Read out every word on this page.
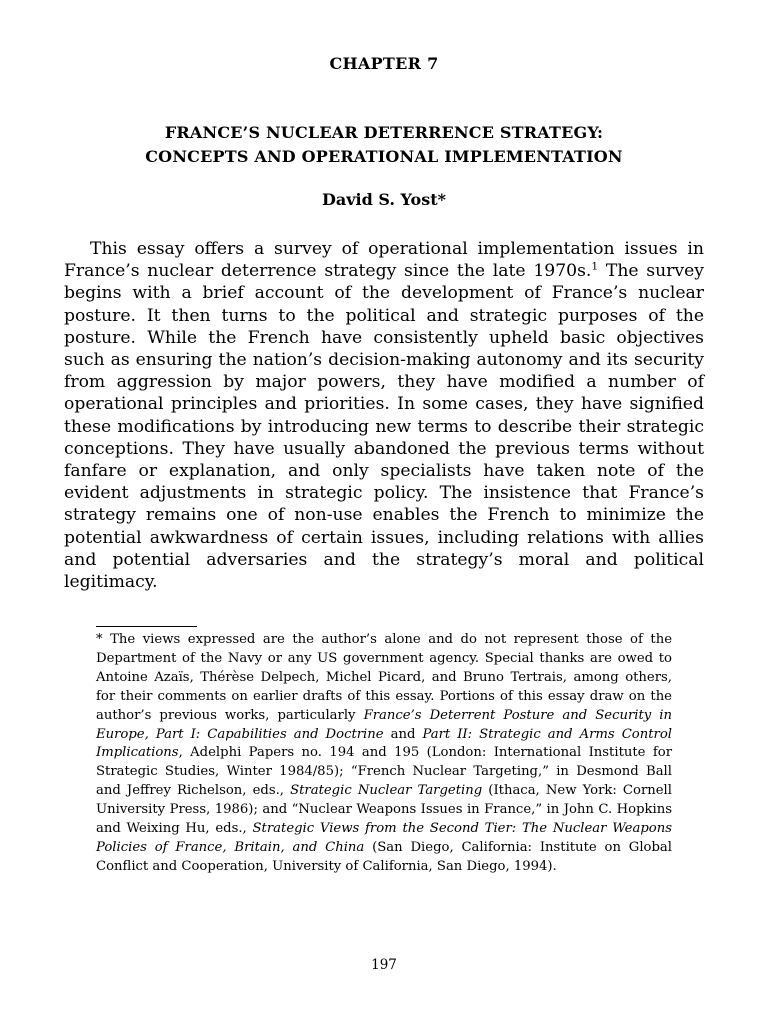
CHAPTER 7
FRANCE’S NUCLEAR DETERRENCE STRATEGY:
CONCEPTS AND OPERATIONAL IMPLEMENTATION
David S. Yost*

This essay offers a survey of operational implementation issues in France’s nuclear deterrence strategy since the late 1970s.$^1$ The survey begins with a brief account of the development of France’s nuclear posture. It then turns to the political and strategic purposes of the posture. While the French have consistently upheld basic objectives such as ensuring the nation’s decision-making autonomy and its security from aggression by major powers, they have modified a number of operational principles and priorities. In some cases, they have signified these modifications by introducing new terms to describe their strategic conceptions. They have usually abandoned the previous terms without fanfare or explanation, and only specialists have taken note of the evident adjustments in strategic policy. The insistence that France’s strategy remains one of non-use enables the French to minimize the potential awkwardness of certain issues, including relations with allies and potential adversaries and the strategy’s moral and political legitimacy.

* The views expressed are the author’s alone and do not represent those of the Department of the Navy or any US government agency. Special thanks are owed to Antoine Azaïs, Thérèse Delpech, Michel Picard, and Bruno Tertrais, among others, for their comments on earlier drafts of this essay. Portions of this essay draw on the author’s previous works, particularly France’s Deterrent Posture and Security in Europe, Part I: Capabilities and Doctrine and Part II: Strategic and Arms Control Implications, Adelphi Papers no. 194 and 195 (London: International Institute for Strategic Studies, Winter 1984/85); “French Nuclear Targeting,” in Desmond Ball and Jeffrey Richelson, eds., Strategic Nuclear Targeting (Ithaca, New York: Cornell University Press, 1986); and “Nuclear Weapons Issues in France,” in John C. Hopkins and Weixing Hu, eds., Strategic Views from the Second Tier: The Nuclear Weapons Policies of France, Britain, and China (San Diego, California: Institute on Global Conflict and Cooperation, University of California, San Diego, 1994).

197
